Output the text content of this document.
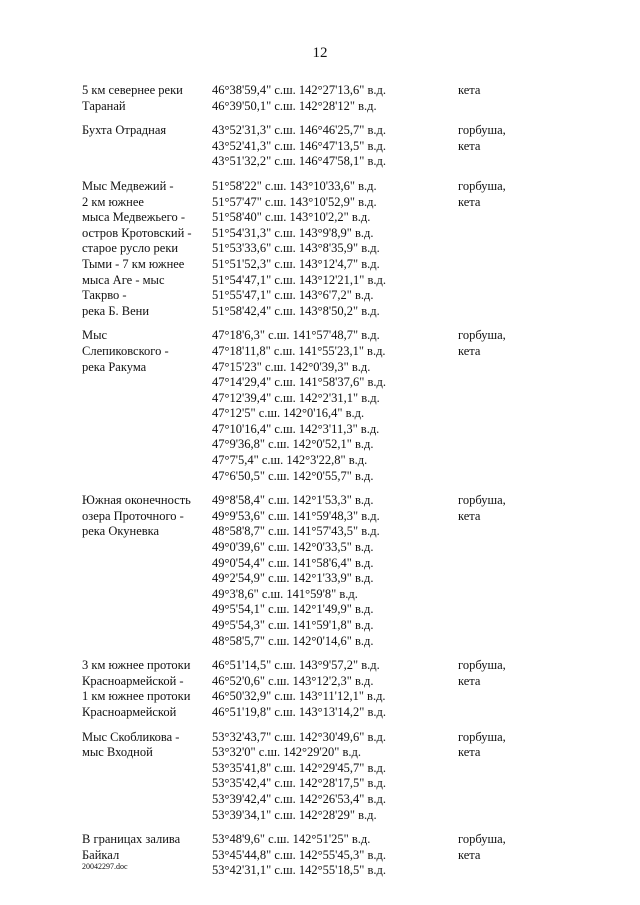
12
5 км севернее реки
Таранай
46°38'59,4" с.ш. 142°27'13,6" в.д.
46°39'50,1" с.ш. 142°28'12" в.д.
кета
Бухта Отрадная	43°52'31,3" с.ш. 146°46'25,7" в.д.
43°52'41,3" с.ш. 146°47'13,5" в.д.
43°51'32,2" с.ш. 146°47'58,1" в.д.
горбуша,
кета
Мыс Медвежий -
2 км южнее
мыса Медвежьего -
остров Кротовский -
старое русло реки
Тыми - 7 км южнее
мыса Аге - мыс
Такрво -
река Б. Вени
51°58'22" с.ш. 143°10'33,6" в.д.
51°57'47" с.ш. 143°10'52,9" в.д.
51°58'40" с.ш. 143°10'2,2" в.д.
51°54'31,3" с.ш. 143°9'8,9" в.д.
51°53'33,6" с.ш. 143°8'35,9" в.д.
51°51'52,3" с.ш. 143°12'4,7" в.д.
51°54'47,1" с.ш. 143°12'21,1" в.д.
51°55'47,1" с.ш. 143°6'7,2" в.д.
51°58'42,4" с.ш. 143°8'50,2" в.д.
горбуша,
кета
Мыс
Слепиковского -
река Ракума
47°18'6,3" с.ш. 141°57'48,7" в.д.
47°18'11,8" с.ш. 141°55'23,1" в.д.
47°15'23" с.ш. 142°0'39,3" в.д.
47°14'29,4" с.ш. 141°58'37,6" в.д.
47°12'39,4" с.ш. 142°2'31,1" в.д.
47°12'5" с.ш. 142°0'16,4" в.д.
47°10'16,4" с.ш. 142°3'11,3" в.д.
47°9'36,8" с.ш. 142°0'52,1" в.д.
47°7'5,4" с.ш. 142°3'22,8" в.д.
47°6'50,5" с.ш. 142°0'55,7" в.д.
горбуша,
кета
Южная оконечность
озера Проточного -
река Окуневка
49°8'58,4" с.ш. 142°1'53,3" в.д.
49°9'53,6" с.ш. 141°59'48,3" в.д.
48°58'8,7" с.ш. 141°57'43,5" в.д.
49°0'39,6" с.ш. 142°0'33,5" в.д.
49°0'54,4" с.ш. 141°58'6,4" в.д.
49°2'54,9" с.ш. 142°1'33,9" в.д.
49°3'8,6" с.ш. 141°59'8" в.д.
49°5'54,1" с.ш. 142°1'49,9" в.д.
49°5'54,3" с.ш. 141°59'1,8" в.д.
48°58'5,7" с.ш. 142°0'14,6" в.д.
горбуша,
кета
3 км южнее протоки
Красноармейской -
1 км южнее протоки
Красноармейской
46°51'14,5" с.ш. 143°9'57,2" в.д.
46°52'0,6" с.ш. 143°12'2,3" в.д.
46°50'32,9" с.ш. 143°11'12,1" в.д.
46°51'19,8" с.ш. 143°13'14,2" в.д.
горбуша,
кета
Мыс Скобликова -
мыс Входной
53°32'43,7" с.ш. 142°30'49,6" в.д.
53°32'0" с.ш. 142°29'20" в.д.
53°35'41,8" с.ш. 142°29'45,7" в.д.
53°35'42,4" с.ш. 142°28'17,5" в.д.
53°39'42,4" с.ш. 142°26'53,4" в.д.
53°39'34,1" с.ш. 142°28'29" в.д.
горбуша,
кета
В границах залива
Байкал
53°48'9,6" с.ш. 142°51'25" в.д.
53°45'44,8" с.ш. 142°55'45,3" в.д.
53°42'31,1" с.ш. 142°55'18,5" в.д.
горбуша,
кета
20042297.doc
